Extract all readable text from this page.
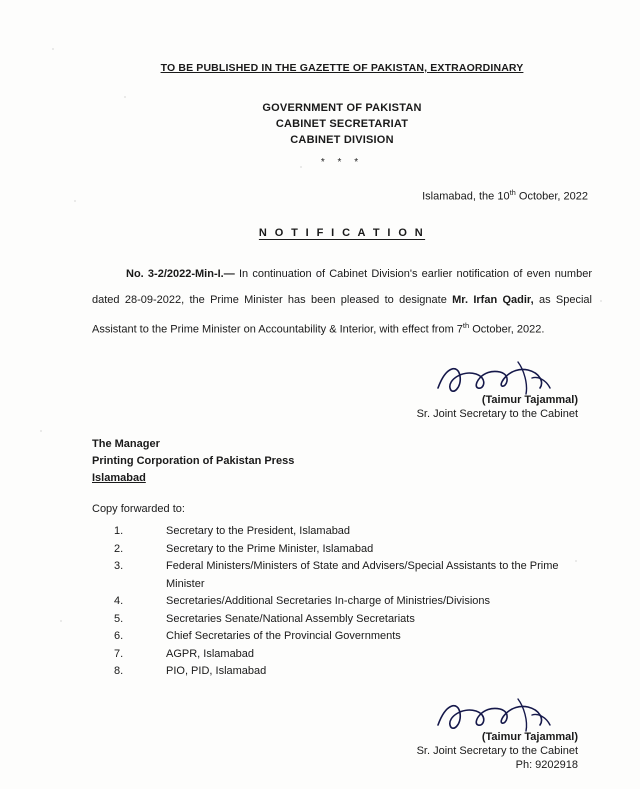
TO BE PUBLISHED IN THE GAZETTE OF PAKISTAN, EXTRAORDINARY
GOVERNMENT OF PAKISTAN
CABINET SECRETARIAT
CABINET DIVISION
* * *
Islamabad, the 10th October, 2022
N O T I F I C A T I O N
No. 3-2/2022-Min-I.— In continuation of Cabinet Division's earlier notification of even number dated 28-09-2022, the Prime Minister has been pleased to designate Mr. Irfan Qadir, as Special Assistant to the Prime Minister on Accountability & Interior, with effect from 7th October, 2022.
(Taimur Tajammal)
Sr. Joint Secretary to the Cabinet
The Manager
Printing Corporation of Pakistan Press
Islamabad
Copy forwarded to:
1.	Secretary to the President, Islamabad
2.	Secretary to the Prime Minister, Islamabad
3.	Federal Ministers/Ministers of State and Advisers/Special Assistants to the Prime Minister
4.	Secretaries/Additional Secretaries In-charge of Ministries/Divisions
5.	Secretaries Senate/National Assembly Secretariats
6.	Chief Secretaries of the Provincial Governments
7.	AGPR, Islamabad
8.	PIO, PID, Islamabad
(Taimur Tajammal)
Sr. Joint Secretary to the Cabinet
Ph: 9202918
